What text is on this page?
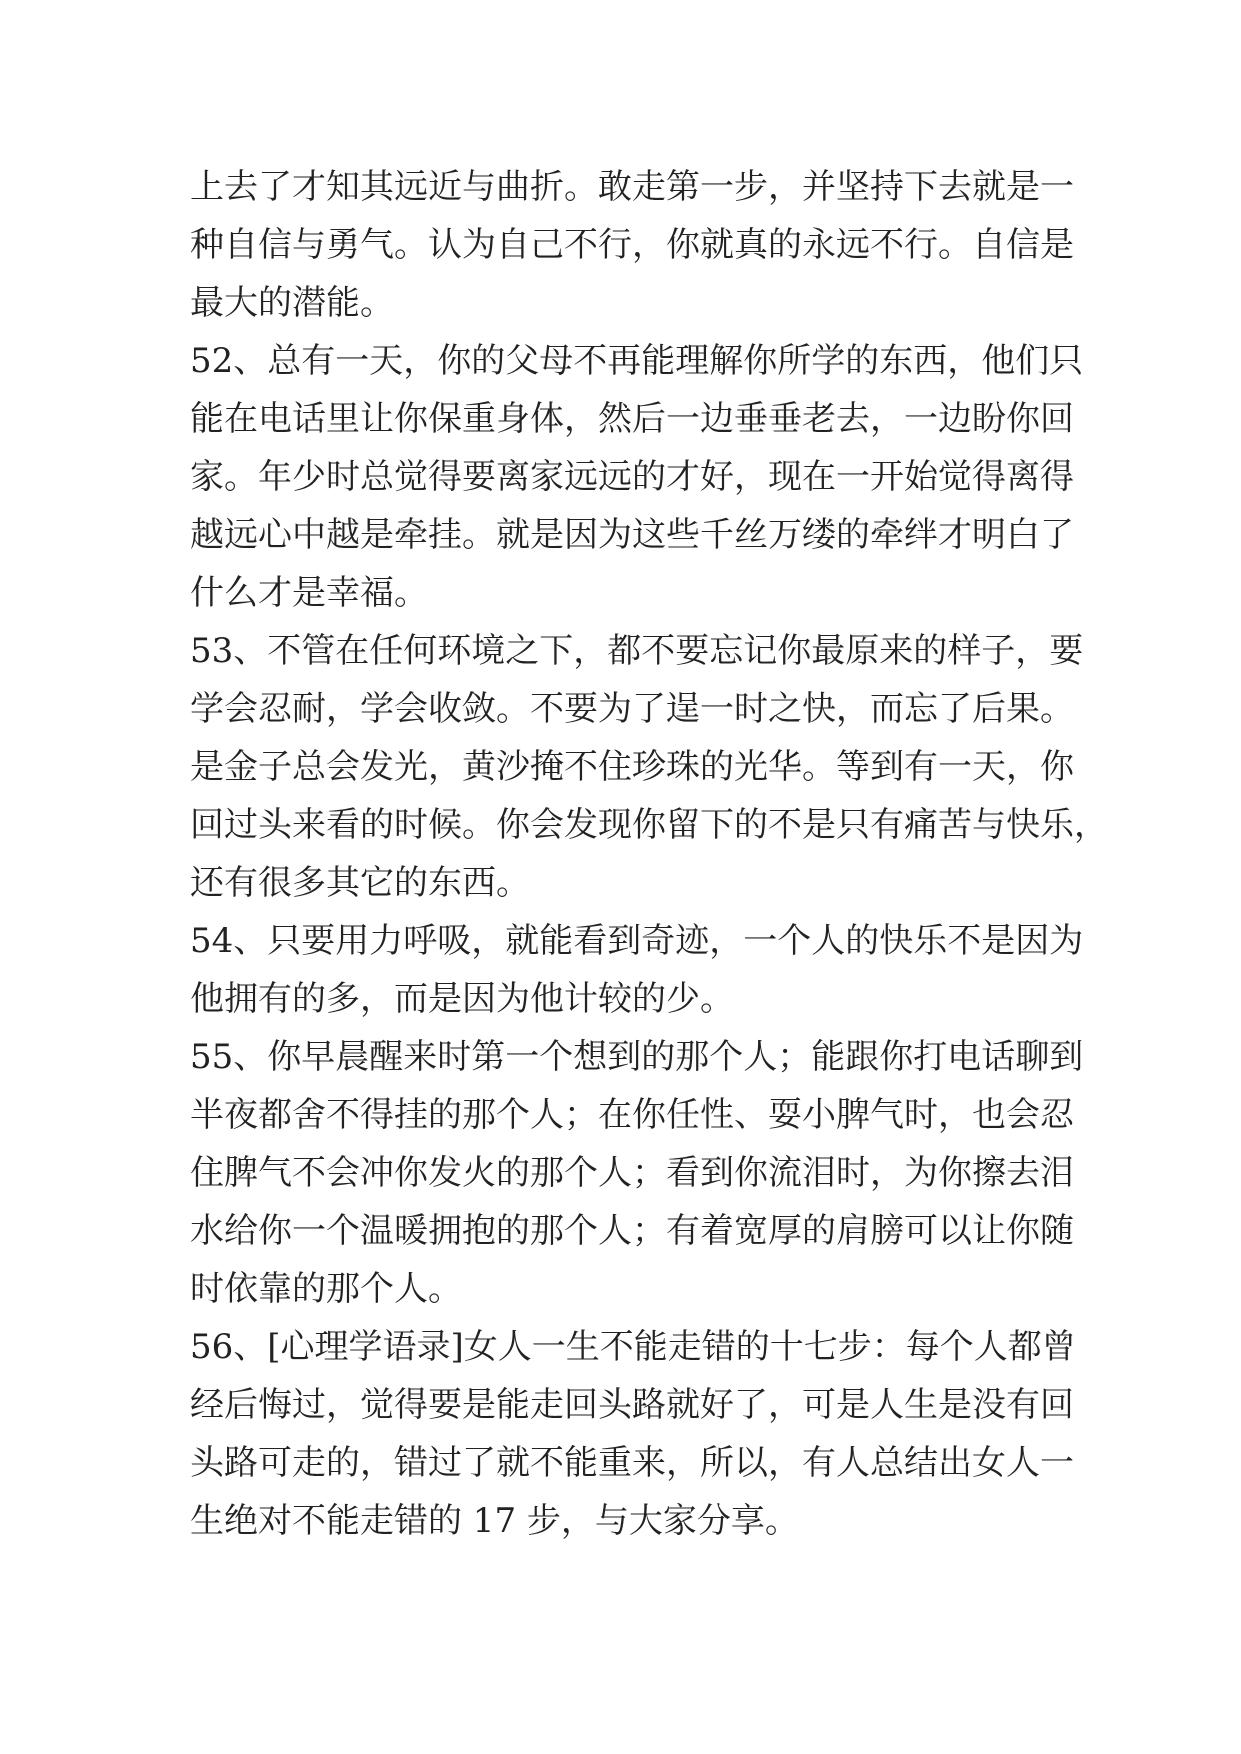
上去了才知其远近与曲折。敢走第一步，并坚持下去就是一
种自信与勇气。认为自己不行，你就真的永远不行。自信是
最大的潜能。
52、总有一天，你的父母不再能理解你所学的东西，他们只
能在电话里让你保重身体，然后一边垂垂老去，一边盼你回
家。年少时总觉得要离家远远的才好，现在一开始觉得离得
越远心中越是牵挂。就是因为这些千丝万缕的牵绊才明白了
什么才是幸福。
53、不管在任何环境之下，都不要忘记你最原来的样子，要
学会忍耐，学会收敛。不要为了逞一时之快，而忘了后果。
是金子总会发光，黄沙掩不住珍珠的光华。等到有一天，你
回过头来看的时候。你会发现你留下的不是只有痛苦与快乐，
还有很多其它的东西。
54、只要用力呼吸，就能看到奇迹，一个人的快乐不是因为
他拥有的多，而是因为他计较的少。
55、你早晨醒来时第一个想到的那个人；能跟你打电话聊到
半夜都舍不得挂的那个人；在你任性、耍小脾气时，也会忍
住脾气不会冲你发火的那个人；看到你流泪时，为你擦去泪
水给你一个温暖拥抱的那个人；有着宽厚的肩膀可以让你随
时依靠的那个人。
56、[心理学语录]女人一生不能走错的十七步：每个人都曾
经后悔过，觉得要是能走回头路就好了，可是人生是没有回
头路可走的，错过了就不能重来，所以，有人总结出女人一
生绝对不能走错的 17 步，与大家分享。
